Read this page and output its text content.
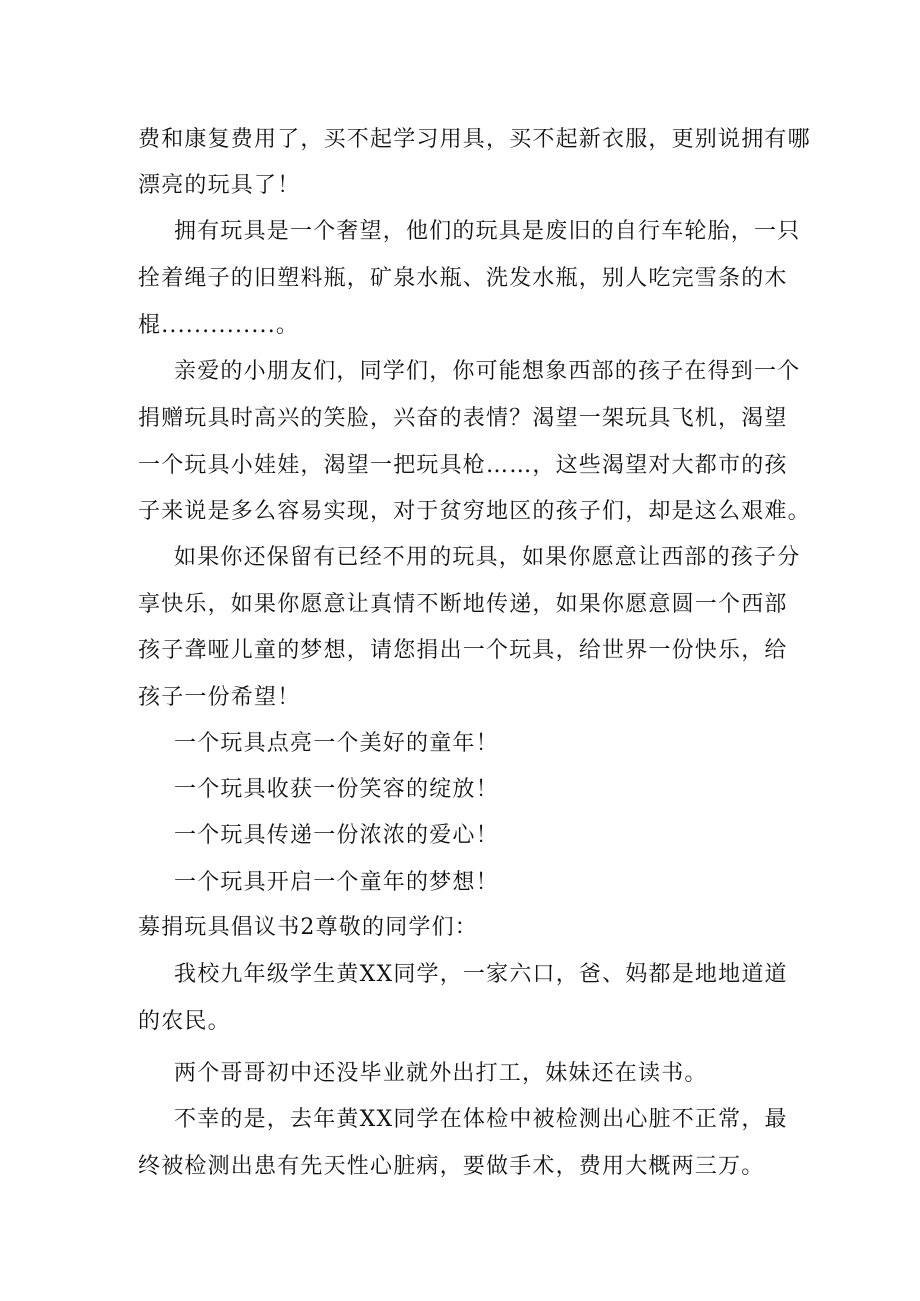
费和康复费用了，买不起学习用具，买不起新衣服，更别说拥有哪
漂亮的玩具了！
拥有玩具是一个奢望，他们的玩具是废旧的自行车轮胎，一只
拴着绳子的旧塑料瓶，矿泉水瓶、洗发水瓶，别人吃完雪条的木
棍..............。
亲爱的小朋友们，同学们，你可能想象西部的孩子在得到一个
捐赠玩具时高兴的笑脸，兴奋的表情？渴望一架玩具飞机，渴望
一个玩具小娃娃，渴望一把玩具枪……，这些渴望对大都市的孩
子来说是多么容易实现，对于贫穷地区的孩子们，却是这么艰难。
如果你还保留有已经不用的玩具，如果你愿意让西部的孩子分
享快乐，如果你愿意让真情不断地传递，如果你愿意圆一个西部
孩子聋哑儿童的梦想，请您捐出一个玩具，给世界一份快乐，给
孩子一份希望！
一个玩具点亮一个美好的童年！
一个玩具收获一份笑容的绽放！
一个玩具传递一份浓浓的爱心！
一个玩具开启一个童年的梦想！
募捐玩具倡议书2尊敬的同学们：
我校九年级学生黄XX同学，一家六口，爸、妈都是地地道道
的农民。
两个哥哥初中还没毕业就外出打工，妹妹还在读书。
不幸的是，去年黄XX同学在体检中被检测出心脏不正常，最
终被检测出患有先天性心脏病，要做手术，费用大概两三万。
